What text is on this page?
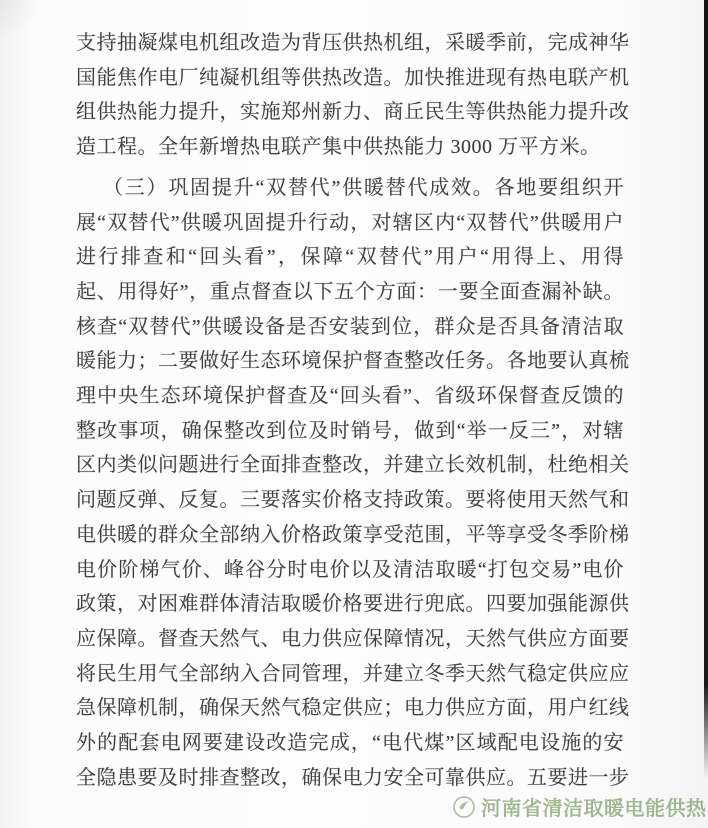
支持抽凝煤电机组改造为背压供热机组，采暖季前，完成神华
国能焦作电厂纯凝机组等供热改造。加快推进现有热电联产机
组供热能力提升，实施郑州新力、商丘民生等供热能力提升改
造工程。全年新增热电联产集中供热能力 3000 万平方米。
（三）巩固提升“双替代”供暖替代成效。各地要组织开
展“双替代”供暖巩固提升行动，对辖区内“双替代”供暖用户
进行排查和“回头看”，保障“双替代”用户“用得上、用得
起、用得好”，重点督查以下五个方面：一要全面查漏补缺。
核查“双替代”供暖设备是否安装到位，群众是否具备清洁取
暖能力；二要做好生态环境保护督查整改任务。各地要认真梳
理中央生态环境保护督查及“回头看”、省级环保督查反馈的
整改事项，确保整改到位及时销号，做到“举一反三”，对辖
区内类似问题进行全面排查整改，并建立长效机制，杜绝相关
问题反弹、反复。三要落实价格支持政策。要将使用天然气和
电供暖的群众全部纳入价格政策享受范围，平等享受冬季阶梯
电价阶梯气价、峰谷分时电价以及清洁取暖“打包交易”电价
政策，对困难群体清洁取暖价格要进行兜底。四要加强能源供
应保障。督查天然气、电力供应保障情况，天然气供应方面要
将民生用气全部纳入合同管理，并建立冬季天然气稳定供应应
急保障机制，确保天然气稳定供应；电力供应方面，用户红线
外的配套电网要建设改造完成，“电代煤”区域配电设施的安
全隐患要及时排查整改，确保电力安全可靠供应。五要进一步
河南省清洁取暖电能供热
